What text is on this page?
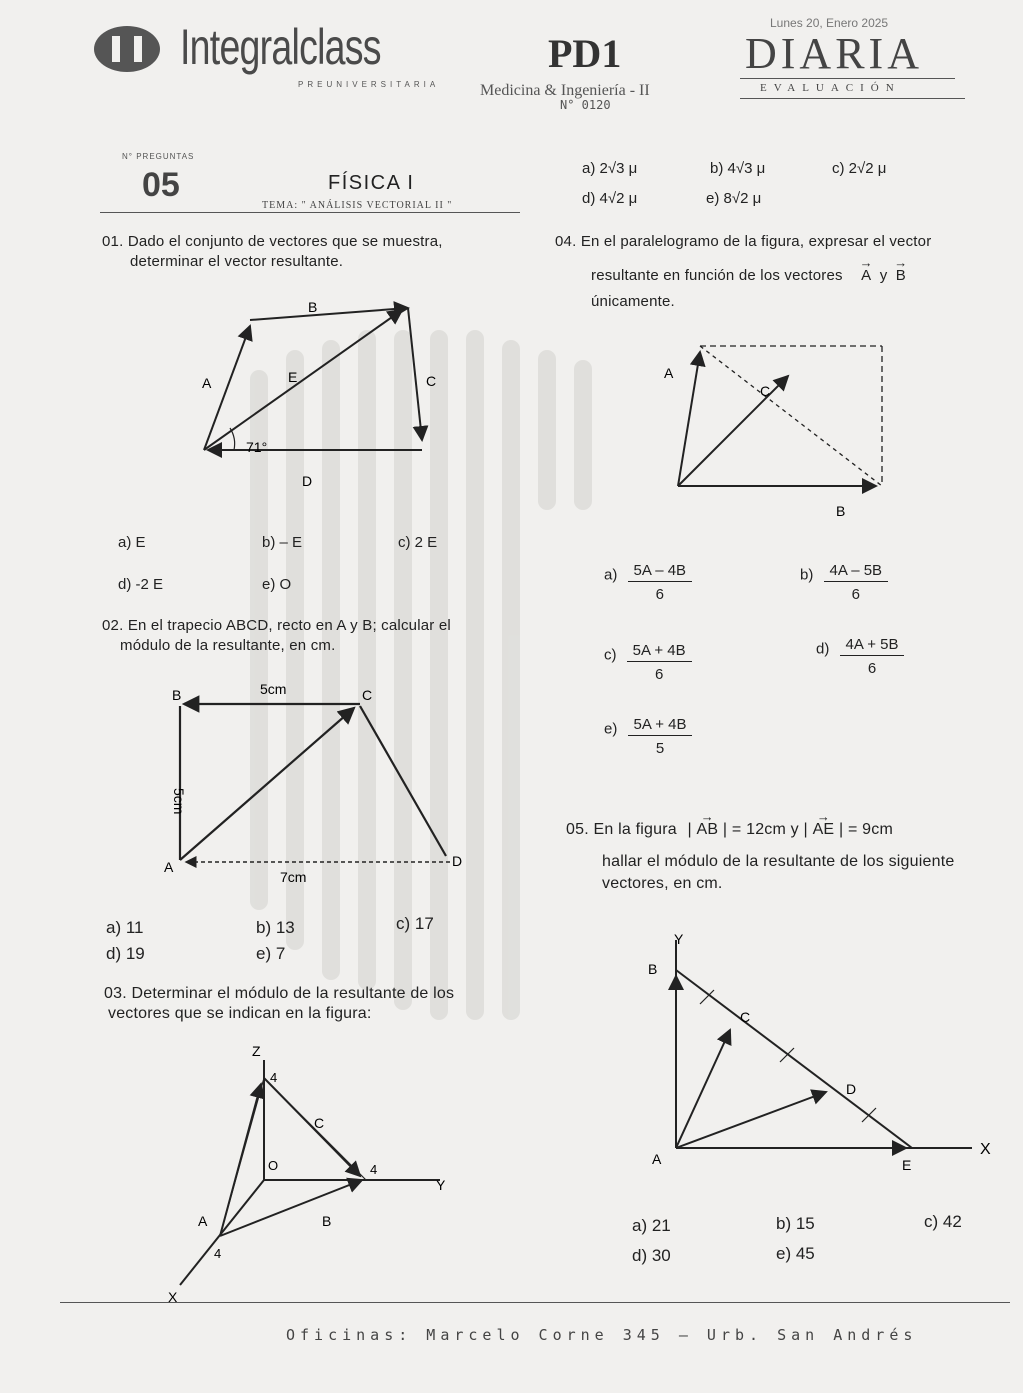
Integralclass
PREUNIVERSITARIA
PD1
Medicina & Ingeniería - II
N° 0120
Lunes 20, Enero 2025
DIARIA
EVALUACIÓN
N° PREGUNTAS
05	FÍSICA I
TEMA: " ANÁLISIS VECTORIAL II "
a) 2√3 μ	b) 4√3 μ	c) 2√2 μ
d) 4√2 μ	e) 8√2 μ
01. Dado el conjunto de vectores que se muestra,
determinar el vector resultante.
B
A	E	C
D
71°
a) E	b) – E	c) 2 E
d) -2 E	e) O
02. En el trapecio ABCD, recto en A y B; calcular el
módulo de la resultante, en cm.
B	C
A	D
5cm
5cm
7cm
a) 11	b) 13	c) 17
d) 19	e) 7
03. Determinar el módulo de la resultante de los
vectores que se indican en la figura:
Z
Y
X
O
4
4
4
A	B
C
04. En el paralelogramo de la figura, expresar el vector
resultante en función de los vectores → A y → B
únicamente.
A
B
C
$a) \frac{5A - 4B}{6}$	$b) \frac{4A - 5B}{6}$
$c) \frac{5A + 4B}{6}$	$d) \frac{4A + 5B}{6}$
$e) \frac{5A + 4B}{5}$
05. En la figura | → AB | = 12cm y | → AE | = 9cm
hallar el módulo de la resultante de los siguiente
vectores, en cm.
Y
X
B
C
D
A	E
a) 21	b) 15	c) 42
d) 30	e) 45
Oficinas: Marcelo Corne 345 – Urb. San Andrés
